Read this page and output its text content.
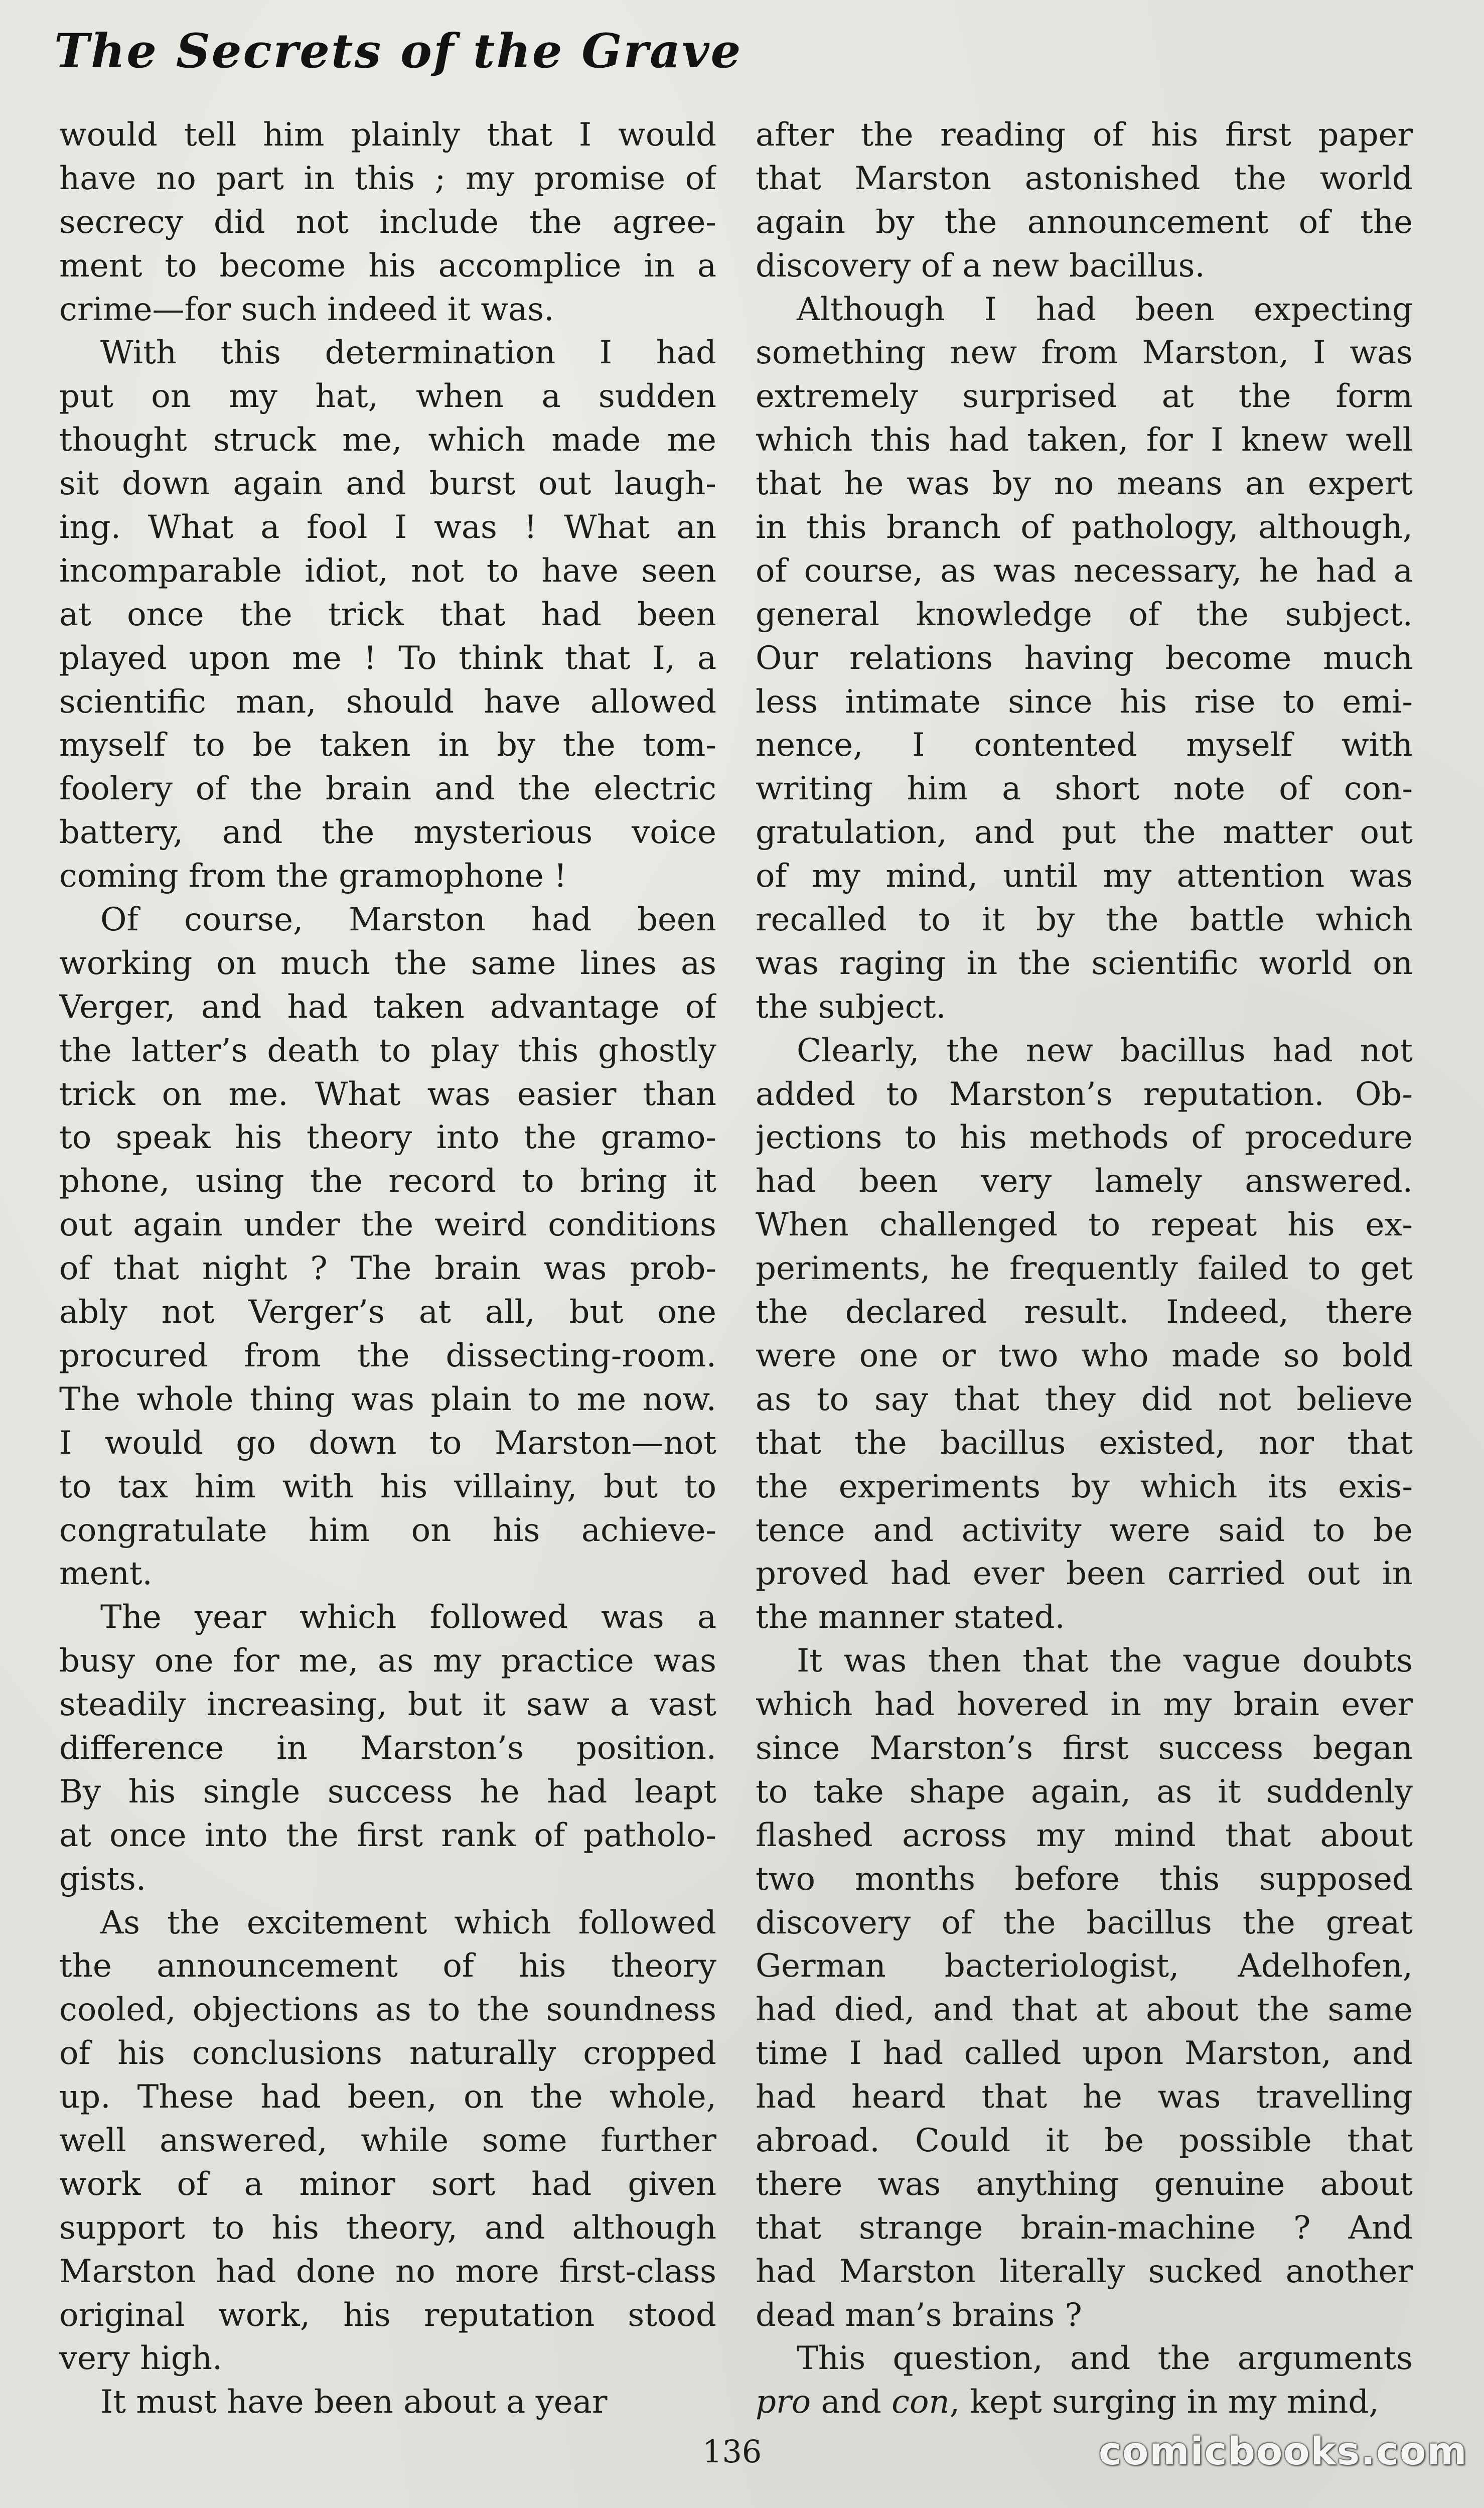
The Secrets of the Grave
would tell him plainly that I would
have no part in this ; my promise of
secrecy did not include the agree-
ment to become his accomplice in a
crime—for such indeed it was.
With this determination I had
put on my hat, when a sudden
thought struck me, which made me
sit down again and burst out laugh-
ing. What a fool I was ! What an
incomparable idiot, not to have seen
at once the trick that had been
played upon me ! To think that I, a
scientific man, should have allowed
myself to be taken in by the tom-
foolery of the brain and the electric
battery, and the mysterious voice
coming from the gramophone !
Of course, Marston had been
working on much the same lines as
Verger, and had taken advantage of
the latter’s death to play this ghostly
trick on me. What was easier than
to speak his theory into the gramo-
phone, using the record to bring it
out again under the weird conditions
of that night ? The brain was prob-
ably not Verger’s at all, but one
procured from the dissecting-room.
The whole thing was plain to me now.
I would go down to Marston—not
to tax him with his villainy, but to
congratulate him on his achieve-
ment.
The year which followed was a
busy one for me, as my practice was
steadily increasing, but it saw a vast
difference in Marston’s position.
By his single success he had leapt
at once into the first rank of patholo-
gists.
As the excitement which followed
the announcement of his theory
cooled, objections as to the soundness
of his conclusions naturally cropped
up. These had been, on the whole,
well answered, while some further
work of a minor sort had given
support to his theory, and although
Marston had done no more first-class
original work, his reputation stood
very high.
It must have been about a year
after the reading of his first paper
that Marston astonished the world
again by the announcement of the
discovery of a new bacillus.
Although I had been expecting
something new from Marston, I was
extremely surprised at the form
which this had taken, for I knew well
that he was by no means an expert
in this branch of pathology, although,
of course, as was necessary, he had a
general knowledge of the subject.
Our relations having become much
less intimate since his rise to emi-
nence, I contented myself with
writing him a short note of con-
gratulation, and put the matter out
of my mind, until my attention was
recalled to it by the battle which
was raging in the scientific world on
the subject.
Clearly, the new bacillus had not
added to Marston’s reputation. Ob-
jections to his methods of procedure
had been very lamely answered.
When challenged to repeat his ex-
periments, he frequently failed to get
the declared result. Indeed, there
were one or two who made so bold
as to say that they did not believe
that the bacillus existed, nor that
the experiments by which its exis-
tence and activity were said to be
proved had ever been carried out in
the manner stated.
It was then that the vague doubts
which had hovered in my brain ever
since Marston’s first success began
to take shape again, as it suddenly
flashed across my mind that about
two months before this supposed
discovery of the bacillus the great
German bacteriologist, Adelhofen,
had died, and that at about the same
time I had called upon Marston, and
had heard that he was travelling
abroad. Could it be possible that
there was anything genuine about
that strange brain-machine ? And
had Marston literally sucked another
dead man’s brains ?
This question, and the arguments
pro and con, kept surging in my mind,
136	comicbooks.com
